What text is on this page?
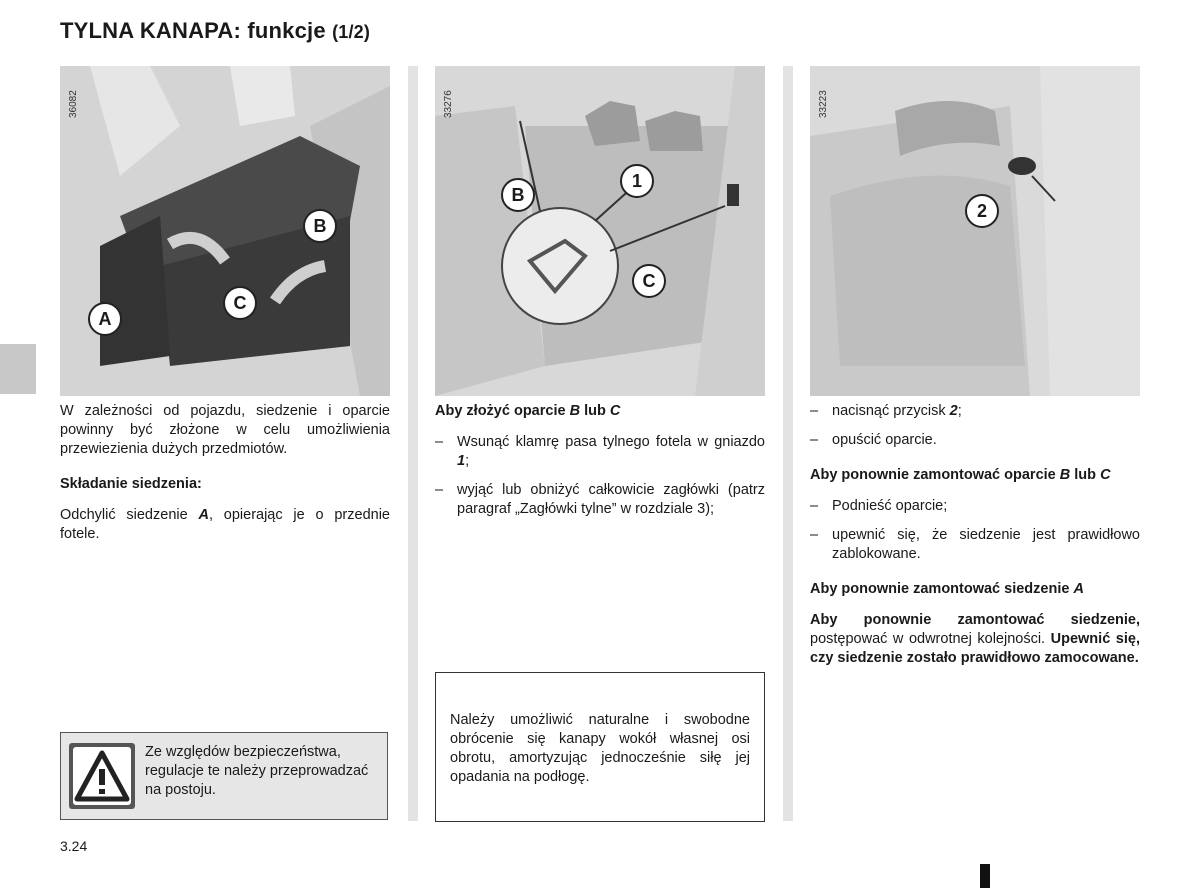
TYLNA KANAPA: funkcje (1/2)
36082
A
B
C
33276
B
1
C
33223
2

W zależności od pojazdu, siedzenie i oparcie powinny być złożone w celu umożliwienia przewiezienia dużych przedmiotów.

Składanie siedzenia:

Odchylić siedzenie A, opierając je o przednie fotele.

Ze względów bezpieczeństwa, regulacje te należy przeprowadzać na postoju.

Aby złożyć oparcie B lub C

– Wsunąć klamrę pasa tylnego fotela w gniazdo 1;
– wyjąć lub obniżyć całkowicie zagłówki (patrz paragraf „Zagłówki tylne” w rozdziale 3);
Należy umożliwić naturalne i swobodne obrócenie się kanapy wokół własnej osi obrotu, amortyzując jednocześnie siłę jej opadania na podłogę.
– nacisnąć przycisk 2;
– opuścić oparcie.

Aby ponownie zamontować oparcie B lub C

– Podnieść oparcie;
– upewnić się, że siedzenie jest prawidłowo zablokowane.

Aby ponownie zamontować siedzenie A

Aby ponownie zamontować siedzenie, postępować w odwrotnej kolejności. Upewnić się, czy siedzenie zostało prawidłowo zamocowane.

3.24
